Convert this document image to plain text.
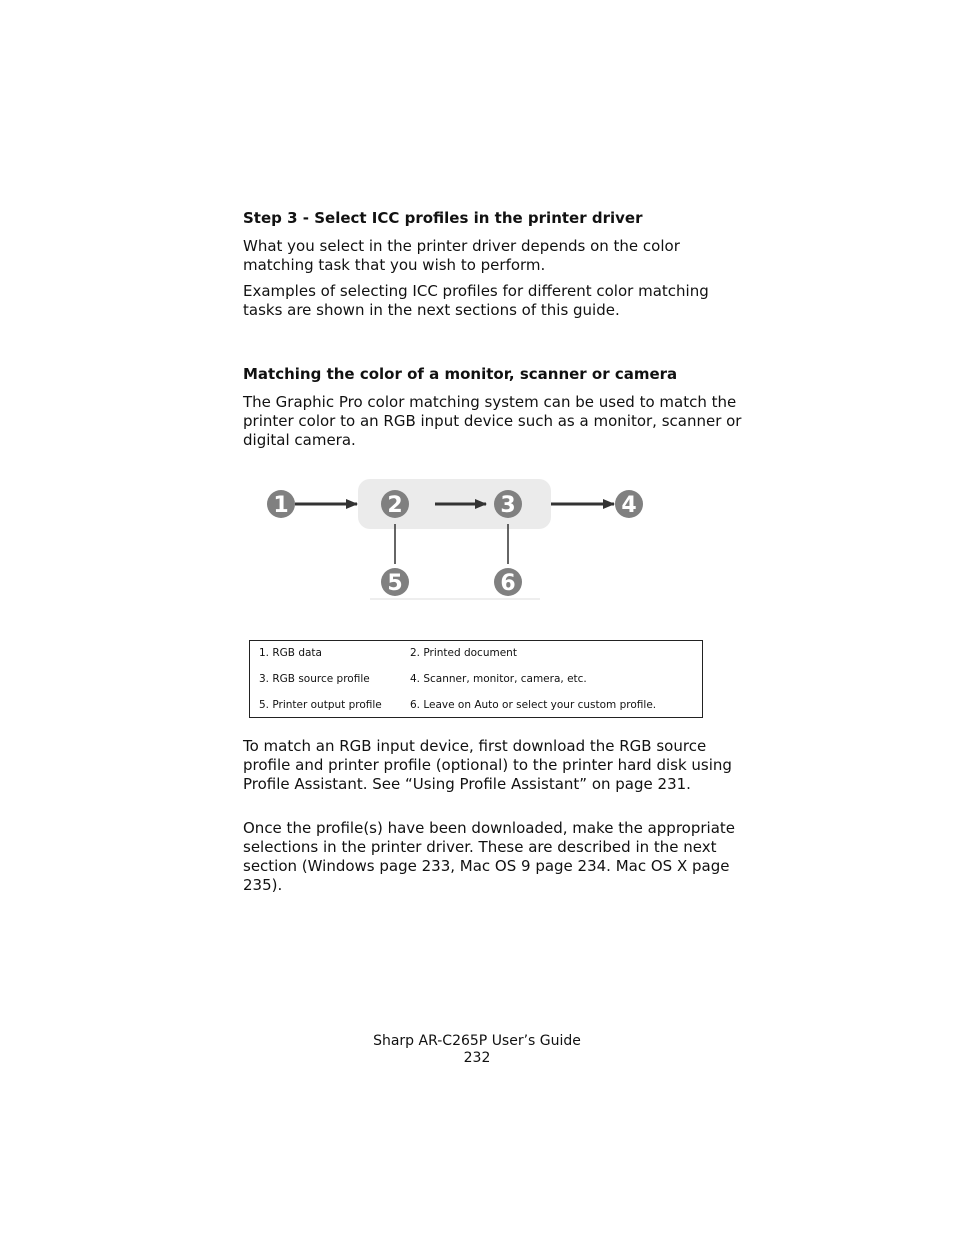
Step 3 - Select ICC profiles in the printer driver

What you select in the printer driver depends on the color matching task that you wish to perform.

Examples of selecting ICC profiles for different color matching tasks are shown in the next sections of this guide.

Matching the color of a monitor, scanner or camera

The Graphic Pro color matching system can be used to match the printer color to an RGB input device such as a monitor, scanner or digital camera.

1	2	3	4
5	6
1. RGB data	2. Printed document
3. RGB source profile	4. Scanner, monitor, camera, etc.
5. Printer output profile	6. Leave on Auto or select your custom profile.

To match an RGB input device, first download the RGB source profile and printer profile (optional) to the printer hard disk using Profile Assistant. See “Using Profile Assistant” on page 231.

Once the profile(s) have been downloaded, make the appropriate selections in the printer driver. These are described in the next section (Windows page 233, Mac OS 9 page 234. Mac OS X page 235).

Sharp AR-C265P User’s Guide

232
